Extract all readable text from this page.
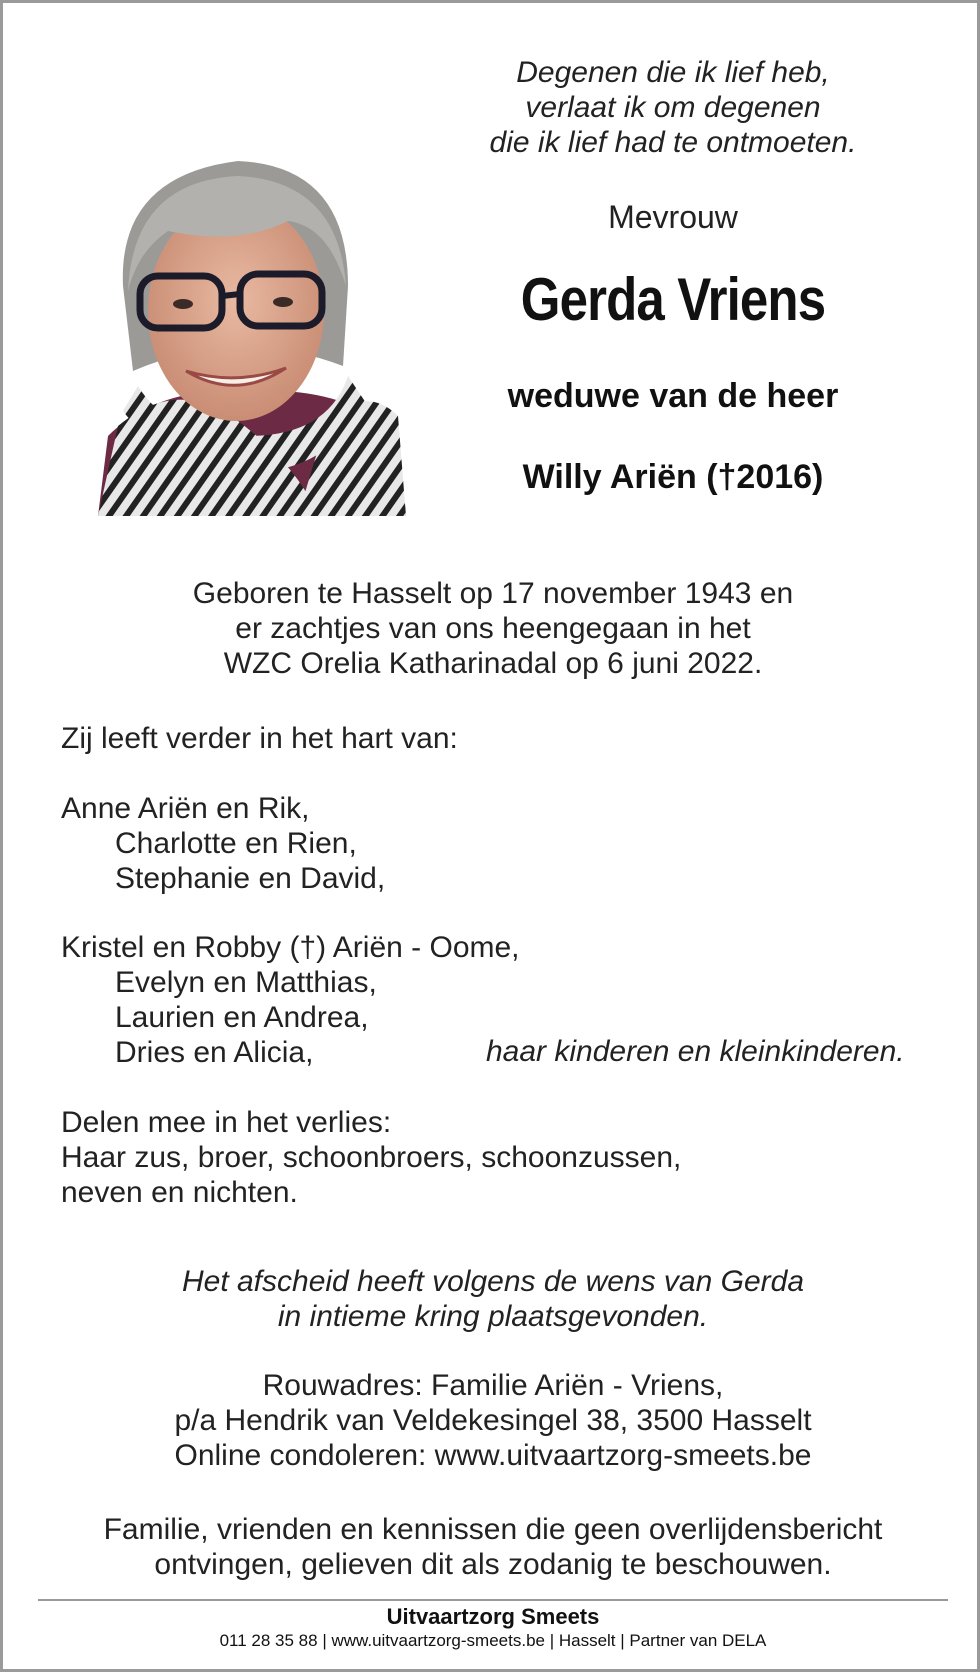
Degenen die ik lief heb,
verlaat ik om degenen
die ik lief had te ontmoeten.
Mevrouw
Gerda Vriens
weduwe van de heer
Willy Ariën (†2016)
Geboren te Hasselt op 17 november 1943 en
er zachtjes van ons heengegaan in het
WZC Orelia Katharinadal op 6 juni 2022.
Zij leeft verder in het hart van:
Anne Ariën en Rik,
Charlotte en Rien,
Stephanie en David,
Kristel en Robby (†) Ariën - Oome,
Evelyn en Matthias,
Laurien en Andrea,
Dries en Alicia,	haar kinderen en kleinkinderen.
Delen mee in het verlies:
Haar zus, broer, schoonbroers, schoonzussen,
neven en nichten.
Het afscheid heeft volgens de wens van Gerda
in intieme kring plaatsgevonden.
Rouwadres: Familie Ariën - Vriens,
p/a Hendrik van Veldekesingel 38, 3500 Hasselt
Online condoleren: www.uitvaartzorg-smeets.be
Familie, vrienden en kennissen die geen overlijdensbericht
ontvingen, gelieven dit als zodanig te beschouwen.
Uitvaartzorg Smeets
011 28 35 88 | www.uitvaartzorg-smeets.be | Hasselt | Partner van DELA
